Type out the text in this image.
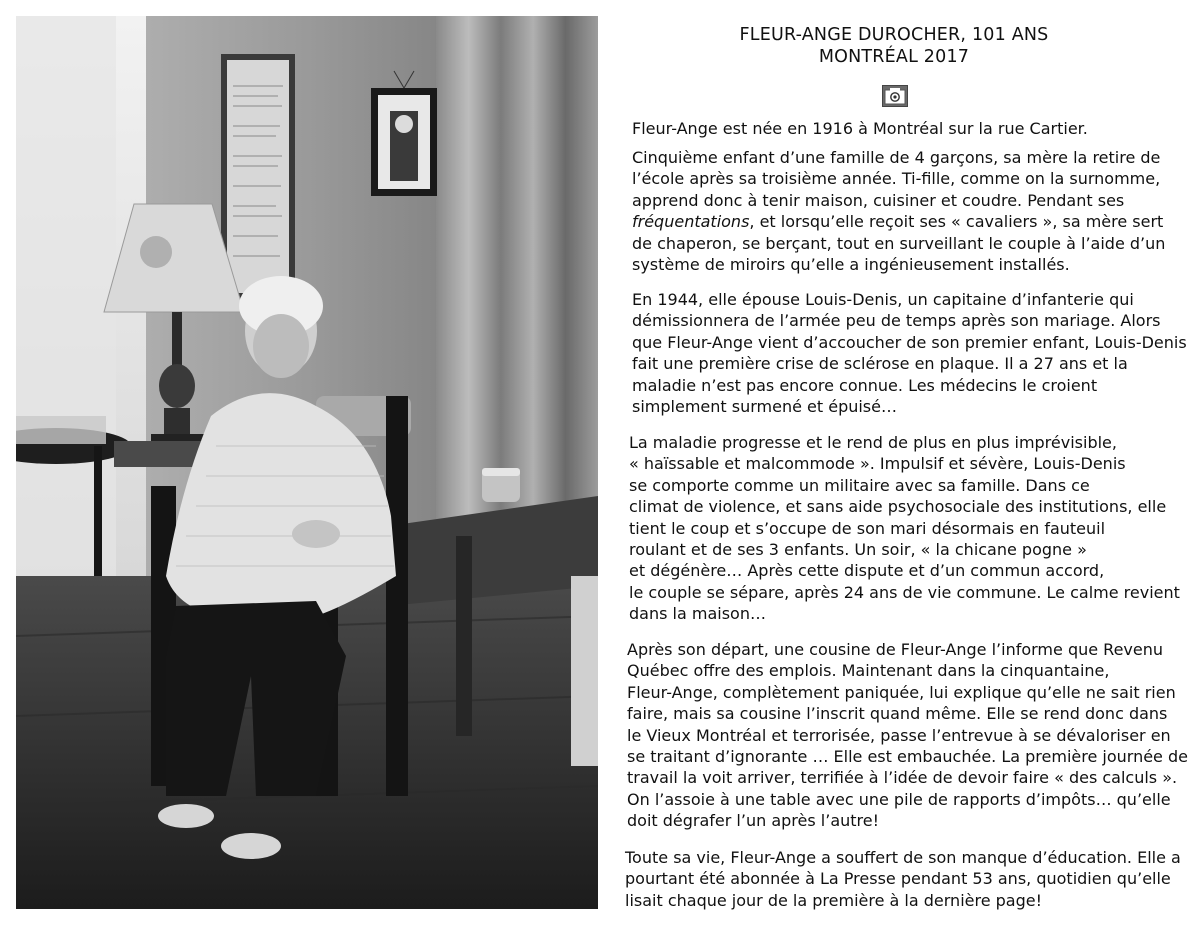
FLEUR-ANGE DUROCHER, 101 ANS
MONTRÉAL 2017
Fleur-Ange est née en 1916 à Montréal sur la rue Cartier.
Cinquième enfant d’une famille de 4 garçons, sa mère la retire de
l’école après sa troisième année. Ti-fille, comme on la surnomme,
apprend donc à tenir maison, cuisiner et coudre. Pendant ses
fréquentations, et lorsqu’elle reçoit ses « cavaliers », sa mère sert
de chaperon, se berçant, tout en surveillant le couple à l’aide d’un
système de miroirs qu’elle a ingénieusement installés.
En 1944, elle épouse Louis-Denis, un capitaine d’infanterie qui
démissionnera de l’armée peu de temps après son mariage. Alors
que Fleur-Ange vient d’accoucher de son premier enfant, Louis-Denis
fait une première crise de sclérose en plaque. Il a 27 ans et la
maladie n’est pas encore connue. Les médecins le croient
simplement surmené et épuisé…
La maladie progresse et le rend de plus en plus imprévisible,
« haïssable et malcommode ». Impulsif et sévère, Louis-Denis
se comporte comme un militaire avec sa famille. Dans ce
climat de violence, et sans aide psychosociale des institutions, elle
tient le coup et s’occupe de son mari désormais en fauteuil
roulant et de ses 3 enfants. Un soir, « la chicane pogne »
et dégénère… Après cette dispute et d’un commun accord,
le couple se sépare, après 24 ans de vie commune. Le calme revient
dans la maison…
Après son départ, une cousine de Fleur-Ange l’informe que Revenu
Québec offre des emplois. Maintenant dans la cinquantaine,
Fleur-Ange, complètement paniquée, lui explique qu’elle ne sait rien
faire, mais sa cousine l’inscrit quand même. Elle se rend donc dans
le Vieux Montréal et terrorisée, passe l’entrevue à se dévaloriser en
se traitant d’ignorante … Elle est embauchée. La première journée de
travail la voit arriver, terrifiée à l’idée de devoir faire « des calculs ».
On l’assoie à une table avec une pile de rapports d’impôts… qu’elle
doit dégrafer l’un après l’autre!
Toute sa vie, Fleur-Ange a souffert de son manque d’éducation. Elle a
pourtant été abonnée à La Presse pendant 53 ans, quotidien qu’elle
lisait chaque jour de la première à la dernière page!
